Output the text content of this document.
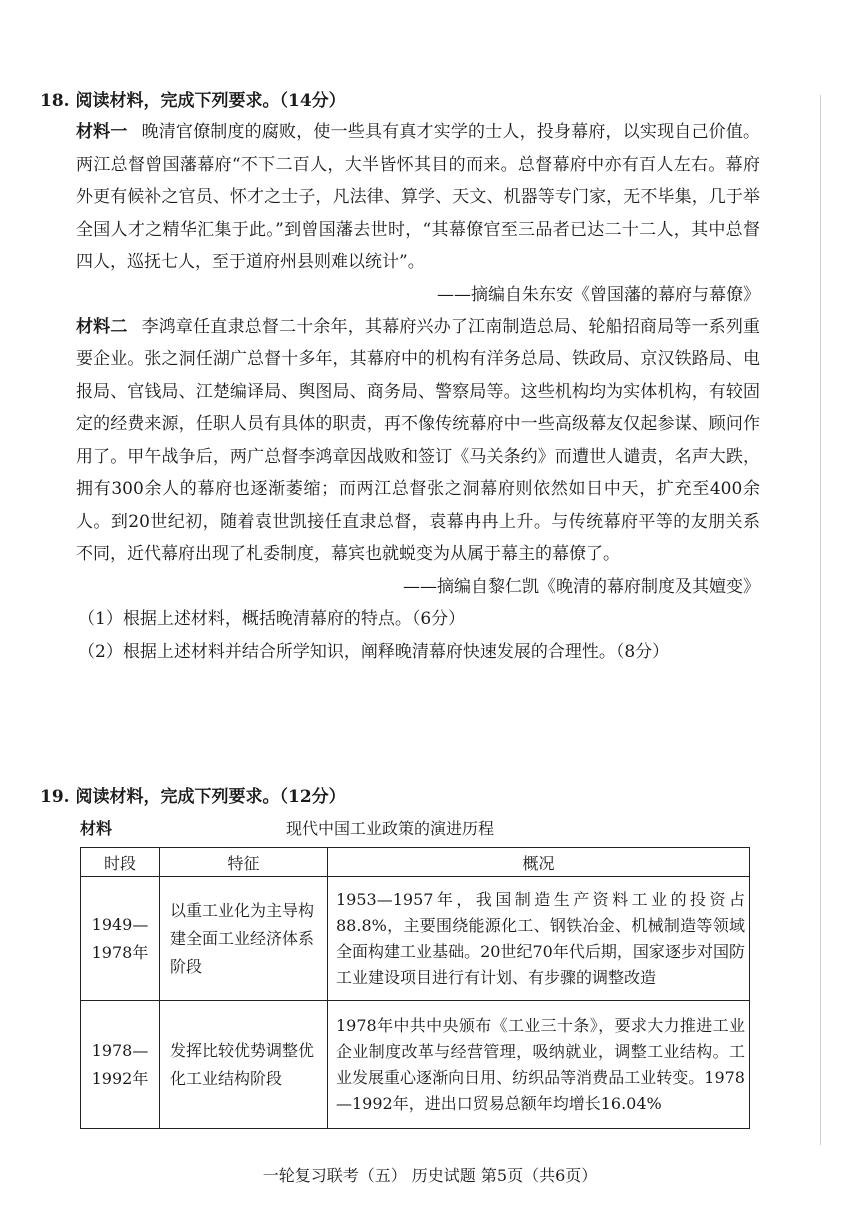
18. 阅读材料，完成下列要求。（14分）

材料一 晚清官僚制度的腐败，使一些具有真才实学的士人，投身幕府，以实现自己价值。两江总督曾国藩幕府“不下二百人，大半皆怀其目的而来。总督幕府中亦有百人左右。幕府外更有候补之官员、怀才之士子，凡法律、算学、天文、机器等专门家，无不毕集，几于举全国人才之精华汇集于此。”到曾国藩去世时，“其幕僚官至三品者已达二十二人，其中总督四人，巡抚七人，至于道府州县则难以统计”。

——摘编自朱东安《曾国藩的幕府与幕僚》

材料二 李鸿章任直隶总督二十余年，其幕府兴办了江南制造总局、轮船招商局等一系列重要企业。张之洞任湖广总督十多年，其幕府中的机构有洋务总局、铁政局、京汉铁路局、电报局、官钱局、江楚编译局、舆图局、商务局、警察局等。这些机构均为实体机构，有较固定的经费来源，任职人员有具体的职责，再不像传统幕府中一些高级幕友仅起参谋、顾问作用了。甲午战争后，两广总督李鸿章因战败和签订《马关条约》而遭世人谴责，名声大跌，拥有300余人的幕府也逐渐萎缩；而两江总督张之洞幕府则依然如日中天，扩充至400余人。到20世纪初，随着袁世凯接任直隶总督，袁幕冉冉上升。与传统幕府平等的友朋关系不同，近代幕府出现了札委制度，幕宾也就蜕变为从属于幕主的幕僚了。

——摘编自黎仁凯《晚清的幕府制度及其嬗变》

（1）根据上述材料，概括晚清幕府的特点。（6分）

（2）根据上述材料并结合所学知识，阐释晚清幕府快速发展的合理性。（8分）

19. 阅读材料，完成下列要求。（12分）

材料	现代中国工业政策的演进历程
时段	特征	概况
1949—1978年	以重工业化为主导构建全面工业经济体系阶段	1953—1957年，我国制造生产资料工业的投资占88.8%，主要围绕能源化工、钢铁冶金、机械制造等领域全面构建工业基础。20世纪70年代后期，国家逐步对国防工业建设项目进行有计划、有步骤的调整改造
1978—1992年	发挥比较优势调整优化工业结构阶段	1978年中共中央颁布《工业三十条》，要求大力推进工业企业制度改革与经营管理，吸纳就业，调整工业结构。工业发展重心逐渐向日用、纺织品等消费品工业转变。1978—1992年，进出口贸易总额年均增长16.04%
一轮复习联考（五） 历史试题 第5页（共6页）
